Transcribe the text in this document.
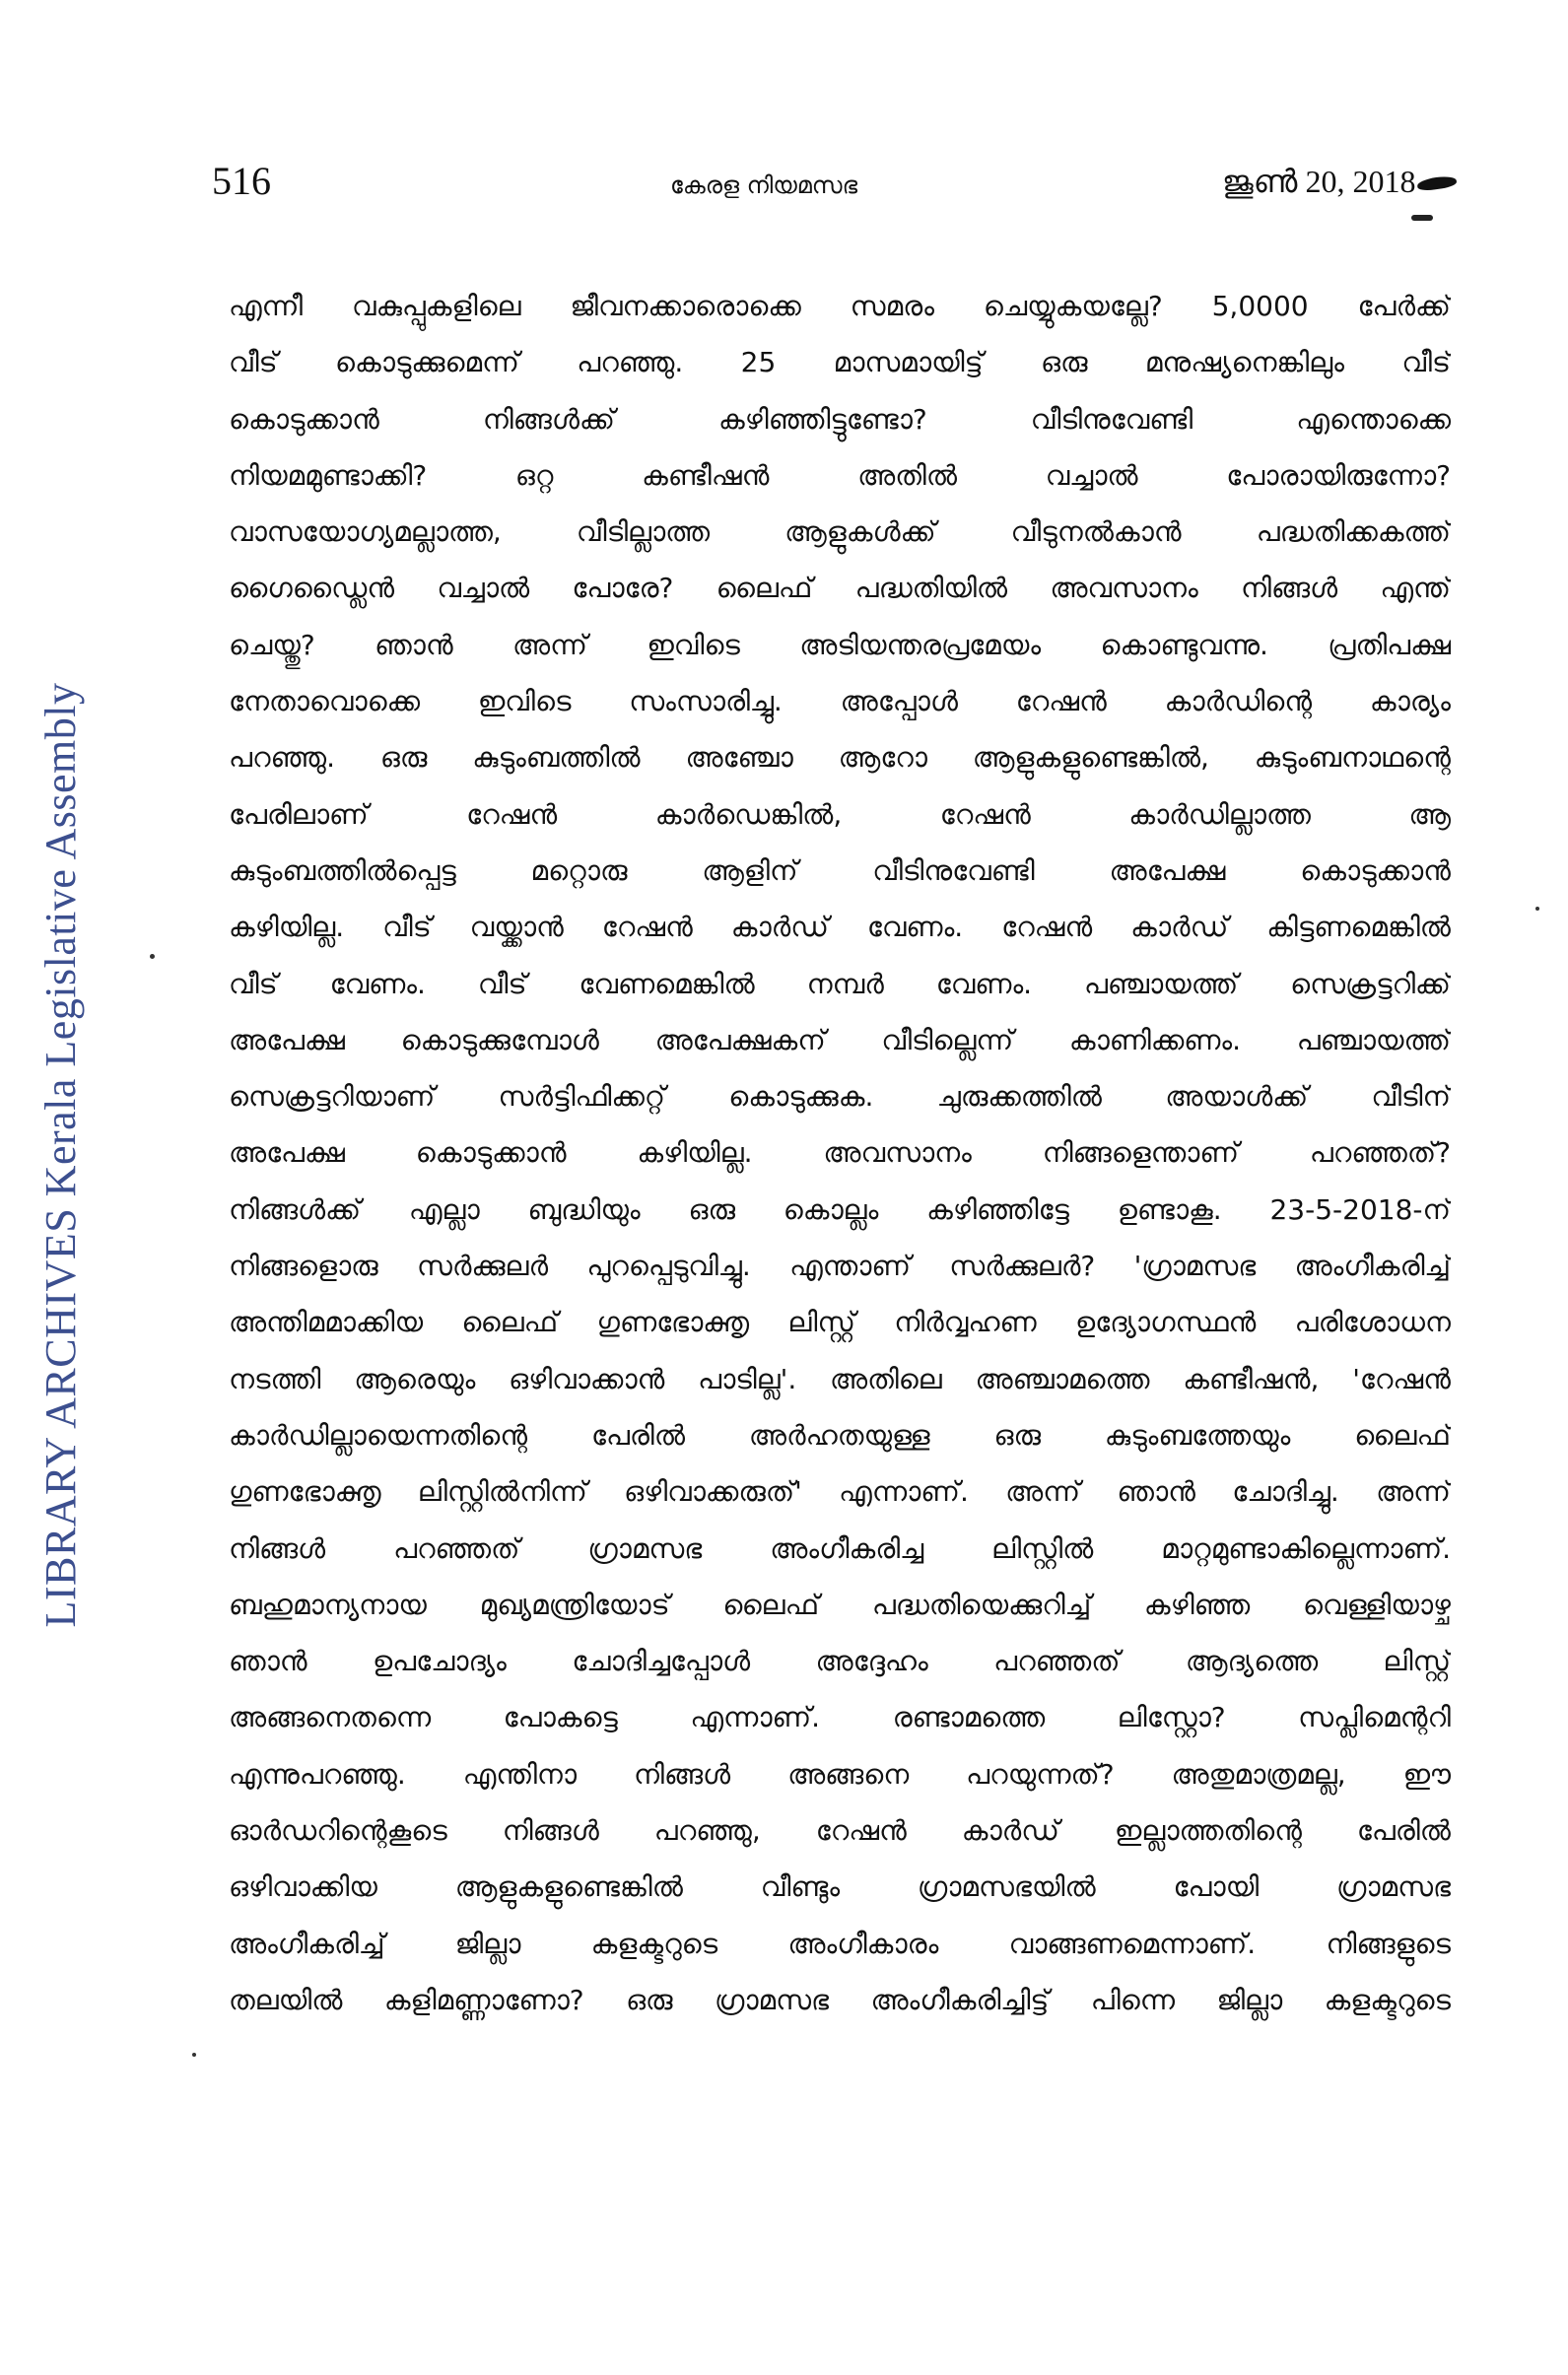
516	കേരള നിയമസഭ	ജൂൺ 20, 2018
LIBRARY ARCHIVES Kerala Legislative Assembly
എന്നീ വകുപ്പുകളിലെ ജീവനക്കാരൊക്കെ സമരം ചെയ്യുകയല്ലേ? 5,0000 പേർക്ക്
വീട് കൊടുക്കുമെന്ന് പറഞ്ഞു. 25 മാസമായിട്ട് ഒരു മനുഷ്യനെങ്കിലും വീട്
കൊടുക്കാൻ നിങ്ങൾക്ക് കഴിഞ്ഞിട്ടുണ്ടോ? വീടിനുവേണ്ടി എന്തൊക്കെ
നിയമമുണ്ടാക്കി? ഒറ്റ കണ്ടീഷൻ അതിൽ വച്ചാൽ പോരായിരുന്നോ?
വാസയോഗ്യമല്ലാത്ത, വീടില്ലാത്ത ആളുകൾക്ക് വീടുനൽകാൻ പദ്ധതിക്കകത്ത്
ഗൈഡ്ലൈൻ വച്ചാൽ പോരേ? ലൈഫ് പദ്ധതിയിൽ അവസാനം നിങ്ങൾ എന്ത്
ചെയ്തു? ഞാൻ അന്ന് ഇവിടെ അടിയന്തരപ്രമേയം കൊണ്ടുവന്നു. പ്രതിപക്ഷ
നേതാവൊക്കെ ഇവിടെ സംസാരിച്ചു. അപ്പോൾ റേഷൻ കാർഡിന്റെ കാര്യം
പറഞ്ഞു. ഒരു കുടുംബത്തിൽ അഞ്ചോ ആറോ ആളുകളുണ്ടെങ്കിൽ, കുടുംബനാഥന്റെ
പേരിലാണ് റേഷൻ കാർഡെങ്കിൽ, റേഷൻ കാർഡില്ലാത്ത ആ
കുടുംബത്തിൽപ്പെട്ട മറ്റൊരു ആളിന് വീടിനുവേണ്ടി അപേക്ഷ കൊടുക്കാൻ
കഴിയില്ല. വീട് വയ്ക്കാൻ റേഷൻ കാർഡ് വേണം. റേഷൻ കാർഡ് കിട്ടണമെങ്കിൽ
വീട് വേണം. വീട് വേണമെങ്കിൽ നമ്പർ വേണം. പഞ്ചായത്ത് സെക്രട്ടറിക്ക്
അപേക്ഷ കൊടുക്കുമ്പോൾ അപേക്ഷകന് വീടില്ലെന്ന് കാണിക്കണം. പഞ്ചായത്ത്
സെക്രട്ടറിയാണ് സർട്ടിഫിക്കറ്റ് കൊടുക്കുക. ചുരുക്കത്തിൽ അയാൾക്ക് വീടിന്
അപേക്ഷ കൊടുക്കാൻ കഴിയില്ല. അവസാനം നിങ്ങളെന്താണ് പറഞ്ഞത്?
നിങ്ങൾക്ക് എല്ലാ ബുദ്ധിയും ഒരു കൊല്ലം കഴിഞ്ഞിട്ടേ ഉണ്ടാകൂ. 23-5-2018-ന്
നിങ്ങളൊരു സർക്കുലർ പുറപ്പെടുവിച്ചു. എന്താണ് സർക്കുലർ? 'ഗ്രാമസഭ അംഗീകരിച്ച്
അന്തിമമാക്കിയ ലൈഫ് ഗുണഭോക്തൃ ലിസ്റ്റ് നിർവ്വഹണ ഉദ്യോഗസ്ഥൻ പരിശോധന
നടത്തി ആരെയും ഒഴിവാക്കാൻ പാടില്ല'. അതിലെ അഞ്ചാമത്തെ കണ്ടീഷൻ, 'റേഷൻ
കാർഡില്ലായെന്നതിന്റെ പേരിൽ അർഹതയുള്ള ഒരു കുടുംബത്തേയും ലൈഫ്
ഗുണഭോക്തൃ ലിസ്റ്റിൽനിന്ന് ഒഴിവാക്കരുത്' എന്നാണ്. അന്ന് ഞാൻ ചോദിച്ചു. അന്ന്
നിങ്ങൾ പറഞ്ഞത് ഗ്രാമസഭ അംഗീകരിച്ച ലിസ്റ്റിൽ മാറ്റമുണ്ടാകില്ലെന്നാണ്.
ബഹുമാന്യനായ മുഖ്യമന്ത്രിയോട് ലൈഫ് പദ്ധതിയെക്കുറിച്ച് കഴിഞ്ഞ വെള്ളിയാഴ്ച
ഞാൻ ഉപചോദ്യം ചോദിച്ചപ്പോൾ അദ്ദേഹം പറഞ്ഞത് ആദ്യത്തെ ലിസ്റ്റ്
അങ്ങനെതന്നെ പോകട്ടെ എന്നാണ്. രണ്ടാമത്തെ ലിസ്റ്റോ? സപ്ലിമെന്ററി
എന്നുപറഞ്ഞു. എന്തിനാ നിങ്ങൾ അങ്ങനെ പറയുന്നത്? അതുമാത്രമല്ല, ഈ
ഓർഡറിന്റെകൂടെ നിങ്ങൾ പറഞ്ഞു, റേഷൻ കാർഡ് ഇല്ലാത്തതിന്റെ പേരിൽ
ഒഴിവാക്കിയ ആളുകളുണ്ടെങ്കിൽ വീണ്ടും ഗ്രാമസഭയിൽ പോയി ഗ്രാമസഭ
അംഗീകരിച്ച് ജില്ലാ കളക്ടറുടെ അംഗീകാരം വാങ്ങണമെന്നാണ്. നിങ്ങളുടെ
തലയിൽ കളിമണ്ണാണോ? ഒരു ഗ്രാമസഭ അംഗീകരിച്ചിട്ട് പിന്നെ ജില്ലാ കളക്ടറുടെ
